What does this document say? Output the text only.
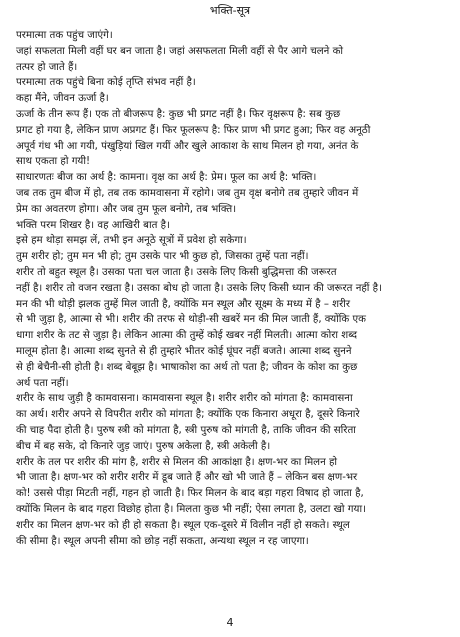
भक्ति-सूत्र
परमात्मा तक पहुंच जाएंगे।
जहां सफलता मिली वहीं घर बन जाता है। जहां असफलता मिली वहीं से पैर आगे चलने को
तत्पर हो जाते हैं।
परमात्मा तक पहुंचे बिना कोई तृप्ति संभव नहीं है।
कहा मैंने, जीवन ऊर्जा है।
ऊर्जा के तीन रूप हैं। एक तो बीजरूप है: कुछ भी प्रगट नहीं है। फिर वृक्षरूप है: सब कुछ
प्रगट हो गया है, लेकिन प्राण अप्रगट हैं। फिर फूलरूप है: फिर प्राण भी प्रगट हुआ; फिर वह अनूठी
अपूर्व गंध भी आ गयी, पंखुड़ियां खिल गयीं और खुले आकाश के साथ मिलन हो गया, अनंत के
साथ एकता हो गयी!
साधारणतः बीज का अर्थ है: कामना। वृक्ष का अर्थ है: प्रेम। फूल का अर्थ है: भक्ति।
जब तक तुम बीज में हो, तब तक कामवासना में रहोगे। जब तुम वृक्ष बनोगे तब तुम्हारे जीवन में
प्रेम का अवतरण होगा। और जब तुम फूल बनोगे, तब भक्ति।
भक्ति परम शिखर है। वह आखिरी बात है।
इसे हम थोड़ा समझ लें, तभी इन अनूठे सूत्रों में प्रवेश हो सकेगा।
तुम शरीर हो; तुम मन भी हो; तुम उसके पार भी कुछ हो, जिसका तुम्हें पता नहीं।
शरीर तो बहुत स्थूल है। उसका पता चल जाता है। उसके लिए किसी बुद्धिमत्ता की जरूरत
नहीं है। शरीर तो वजन रखता है। उसका बोध हो जाता है। उसके लिए किसी ध्यान की जरूरत नहीं है।
मन की भी थोड़ी झलक तुम्हें मिल जाती है, क्योंकि मन स्थूल और सूक्ष्म के मध्य में है – शरीर
से भी जुड़ा है, आत्मा से भी। शरीर की तरफ से थोड़ी-सी खबरें मन की मिल जाती हैं, क्योंकि एक
धागा शरीर के तट से जुड़ा है। लेकिन आत्मा की तुम्हें कोई खबर नहीं मिलती। आत्मा कोरा शब्द
मालूम होता है। आत्मा शब्द सुनते से ही तुम्हारे भीतर कोई घूंघर नहीं बजते। आत्मा शब्द सुनने
से ही बेचैनी-सी होती है। शब्द बेबूझ है। भाषाकोश का अर्थ तो पता है; जीवन के कोश का कुछ
अर्थ पता नहीं।
शरीर के साथ जुड़ी है कामवासना। कामवासना स्थूल है। शरीर शरीर को मांगता है: कामवासना
का अर्थ। शरीर अपने से विपरीत शरीर को मांगता है; क्योंकि एक किनारा अधूरा है, दूसरे किनारे
की चाह पैदा होती है। पुरुष स्त्री को मांगता है, स्त्री पुरुष को मांगती है, ताकि जीवन की सरिता
बीच में बह सके, दो किनारे जुड़ जाएं। पुरुष अकेला है, स्त्री अकेली है।
शरीर के तल पर शरीर की मांग है, शरीर से मिलन की आकांक्षा है। क्षण-भर का मिलन हो
भी जाता है। क्षण-भर को शरीर शरीर में डूब जाते हैं और खो भी जाते हैं – लेकिन बस क्षण-भर
को! उससे पीड़ा मिटती नहीं, गहन हो जाती है। फिर मिलन के बाद बड़ा गहरा विषाद हो जाता है,
क्योंकि मिलन के बाद गहरा विछोह होता है। मिलता कुछ भी नहीं; ऐसा लगता है, उलटा खो गया।
शरीर का मिलन क्षण-भर को ही हो सकता है। स्थूल एक-दूसरे में विलीन नहीं हो सकते। स्थूल
की सीमा है। स्थूल अपनी सीमा को छोड़ नहीं सकता, अन्यथा स्थूल न रह जाएगा।
4
